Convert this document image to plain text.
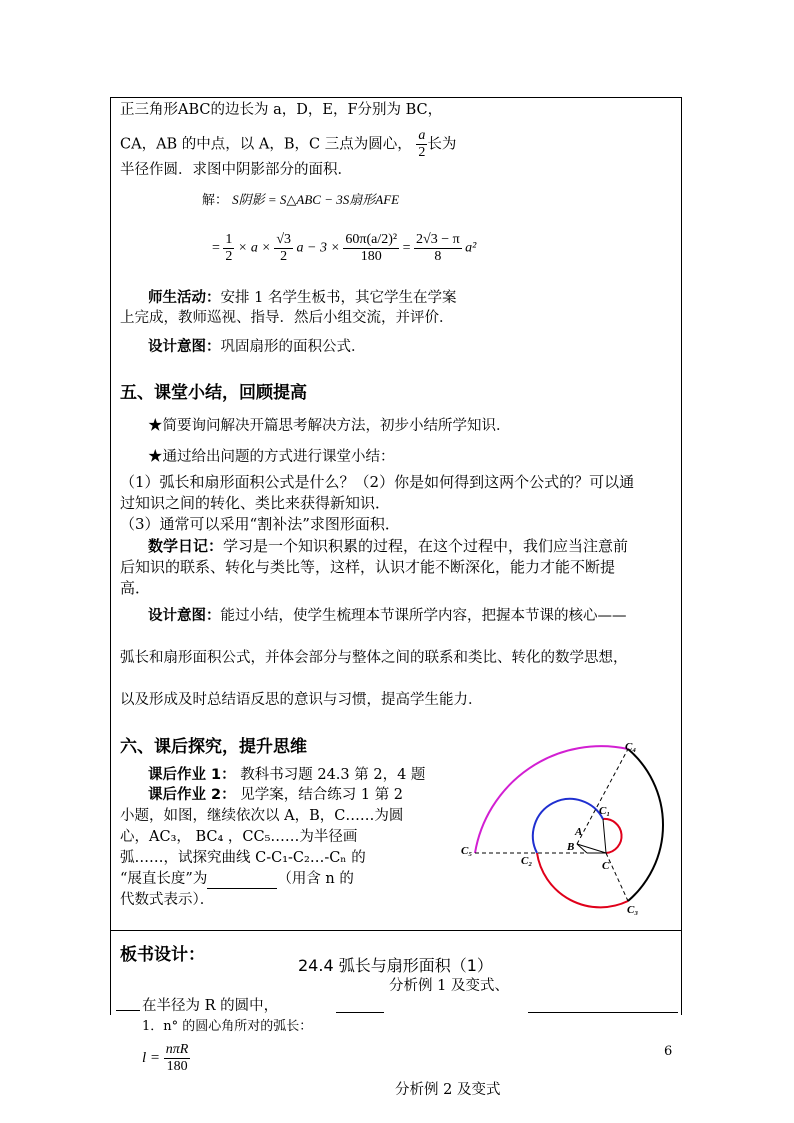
正三角形ABC的边长为 a，D，E，F分别为 BC，
CA，AB 的中点，以 A，B，C 三点为圆心， $\frac{a}{2}$ 长为
半径作圆．求图中阴影部分的面积．
解： S阴影 = S△ABC − 3S扇形AFE
= $\frac{1}{2} \times a \times \frac{√3}{2}$ $a - 3 \times \frac{\text{60π(a/2)²}}{180} = \frac{2√3 - \pi}{8} a^2$
师生活动：安排 1 名学生板书，其它学生在学案
上完成，教师巡视、指导．然后小组交流，并评价．
设计意图：巩固扇形的面积公式．
五、课堂小结，回顾提高
★简要询问解决开篇思考解决方法，初步小结所学知识．
★通过给出问题的方式进行课堂小结：
（1）弧长和扇形面积公式是什么？（2）你是如何得到这两个公式的？可以通
过知识之间的转化、类比来获得新知识．
（3）通常可以采用“割补法”求图形面积．
数学日记：学习是一个知识积累的过程，在这个过程中，我们应当注意前
后知识的联系、转化与类比等，这样，认识才能不断深化，能力才能不断提
高．
设计意图：能过小结，使学生梳理本节课所学内容，把握本节课的核心——
弧长和扇形面积公式，并体会部分与整体之间的联系和类比、转化的数学思想，
以及形成及时总结语反思的意识与习惯，提高学生能力．
六、课后探究，提升思维
课后作业 1： 教科书习题 24.3 第 2，4 题
课后作业 2： 见学案，结合练习 1 第 2
小题，如图，继续依次以 A，B，C……为圆
心，AC₃， BC₄ ，CC₅……为半径画
弧……，试探究曲线 C-C₁-C₂…-Cₙ 的
“展直长度”为	（用含 n 的
代数式表示）．
C₄
C₁
A
B
C
C₅
C₂
C₃
板书设计：
24.4 弧长与扇形面积（1）
分析例 1 及变式、
在半径为 R 的圆中，
1．n° 的圆心角所对的弧长：
$l = \frac{\text{nπR}}{180}$	6
分析例 2 及变式
